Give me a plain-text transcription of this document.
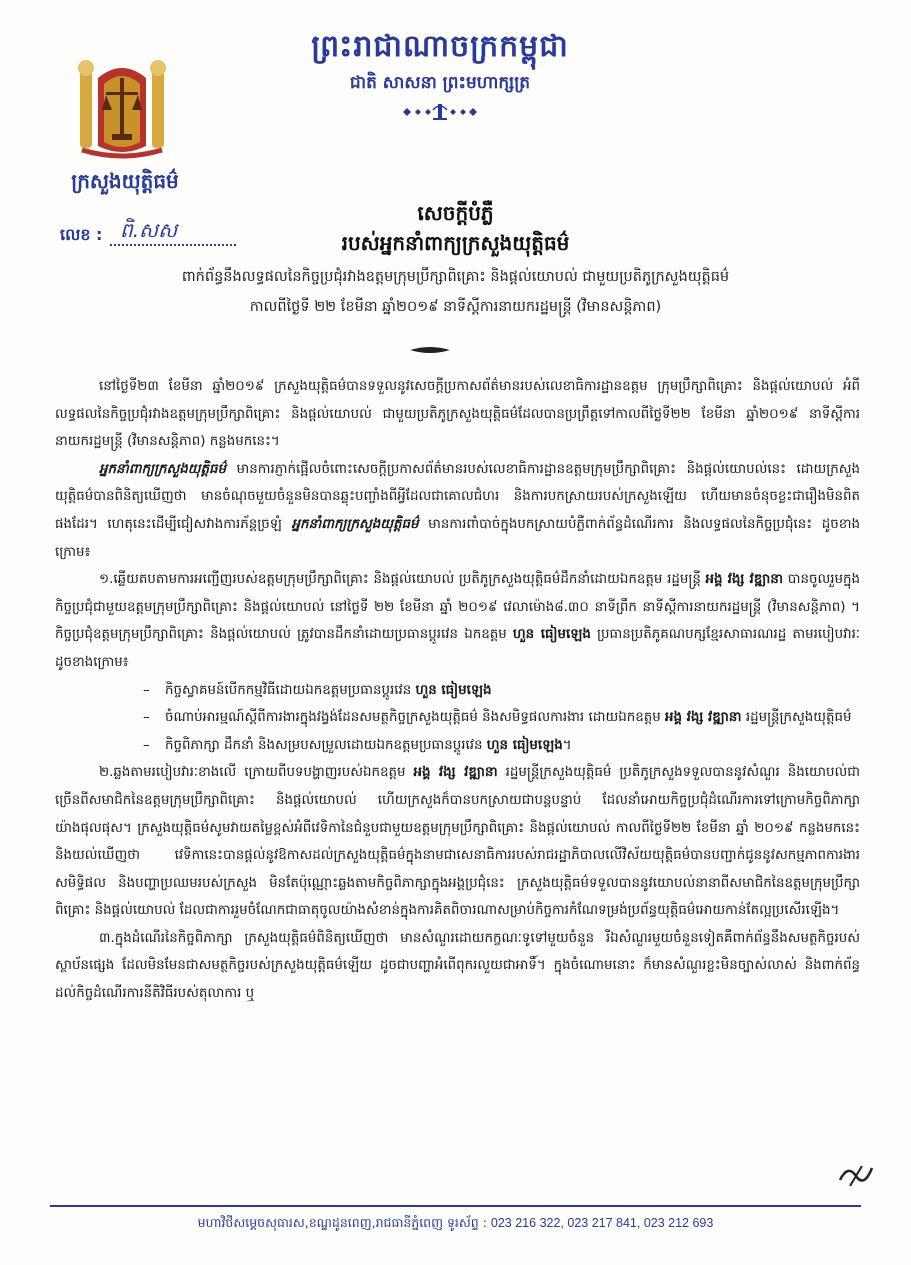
ព្រះរាជាណាចក្រកម្ពុជា
ជាតិ សាសនា ព្រះមហាក្សត្រ
ក្រសួងយុត្តិធម៌
លេខ : ពិ.សស
សេចក្ដីបំភ្លឺ
របស់អ្នកនាំពាក្យក្រសួងយុត្តិធម៌
ពាក់ព័ន្ធនឹងលទ្ធផលនៃកិច្ចប្រជុំរវាងឧត្តមក្រុមប្រឹក្សាពិគ្រោះ និងផ្ដល់យោបល់ ជាមួយប្រតិភូក្រសួងយុត្តិធម៌
កាលពីថ្ងៃទី ២២ ខែមីនា ឆ្នាំ២០១៩ នាទីស្ដីការនាយករដ្ឋមន្ត្រី (វិមានសន្តិភាព)

នៅថ្ងៃទី២៣ ខែមីនា ឆ្នាំ២០១៩ ក្រសួងយុត្តិធម៌បានទទួលនូវសេចក្ដីប្រកាសព័ត៌មានរបស់លេខាធិការដ្ឋានឧត្តម ក្រុមប្រឹក្សាពិគ្រោះ និងផ្ដល់យោបល់ អំពីលទ្ធផលនៃកិច្ចប្រជុំរវាងឧត្តមក្រុមប្រឹក្សាពិគ្រោះ និងផ្ដល់យោបល់ ជាមួយប្រតិភូក្រសួងយុត្តិធម៌ដែលបានប្រព្រឹត្តទៅកាលពីថ្ងៃទី២២ ខែមីនា ឆ្នាំ២០១៩ នាទីស្ដីការនាយករដ្ឋមន្ត្រី (វិមានសន្តិភាព) កន្លងមកនេះ។

អ្នកនាំពាក្យក្រសួងយុត្តិធម៌ មានការភ្ញាក់ផ្អើលចំពោះសេចក្ដីប្រកាសព័ត៌មានរបស់លេខាធិការដ្ឋានឧត្តមក្រុមប្រឹក្សាពិគ្រោះ និងផ្ដល់យោបល់នេះ ដោយក្រសួងយុត្តិធម៌បានពិនិត្យឃើញថា មានចំណុចមួយចំនួនមិនបានឆ្លុះបញ្ចាំងពីអ្វីដែលជាគោលជំហរ និងការបកស្រាយរបស់ក្រសួងឡើយ ហើយមានចំនុចខ្លះជារឿងមិនពិតផងដែរ។ ហេតុនេះដើម្បីជៀសវាងការភ័ន្តច្រឡំ អ្នកនាំពាក្យក្រសួងយុត្តិធម៌ មានការពាំបាច់ក្នុងបកស្រាយបំភ្លឺពាក់ព័ន្ធដំណើរការ និងលទ្ធផលនៃកិច្ចប្រជុំនេះ ដូចខាងក្រោម៖

១.ឆ្លើយតបតាមការអញ្ជើញរបស់ឧត្តមក្រុមប្រឹក្សាពិគ្រោះ និងផ្ដល់យោបល់ ប្រតិភូក្រសួងយុត្តិធម៌ដឹកនាំដោយឯកឧត្តម រដ្ឋមន្ត្រី អង្គ វង្ស វឌ្ឍានា បានចូលរួមក្នុងកិច្ចប្រជុំជាមួយឧត្តមក្រុមប្រឹក្សាពិគ្រោះ និងផ្ដល់យោបល់ នៅថ្ងៃទី ២២ ខែមីនា ឆ្នាំ ២០១៩ វេលាម៉ោង៨.៣០ នាទីព្រឹក នាទីស្ដីការនាយករដ្ឋមន្ត្រី (វិមានសន្តិភាព) ។ កិច្ចប្រជុំឧត្តមក្រុមប្រឹក្សាពិគ្រោះ និងផ្ដល់យោបល់ ត្រូវបានដឹកនាំដោយប្រធានប្ដូរវេន ឯកឧត្តម ហួន ធៀមឡេង ប្រធានប្រតិភូគណបក្សខ្មែរសាធារណរដ្ឋ តាមរបៀបវារៈដូចខាងក្រោម៖

– កិច្ចស្វាគមន៍បើកកម្មវិធីដោយឯកឧត្តមប្រធានប្ដូរវេន ហួន ធៀមឡេង
– ចំណាប់អារម្មណ៍ស្ដីពីការងារក្នុងវង្វង់ដែនសមត្ថកិច្ចក្រសួងយុត្តិធម៌ និងសមិទ្ធផលការងារ ដោយឯកឧត្តម អង្គ វង្ស វឌ្ឍានា រដ្ឋមន្ត្រីក្រសួងយុត្តិធម៌
– កិច្ចពិភាក្សា ដឹកនាំ និងសម្របសម្រួលដោយឯកឧត្តមប្រធានប្ដូរវេន ហួន ធៀមឡេង។

២.ឆ្លងតាមរបៀបវារៈខាងលើ ក្រោយពីបទបង្ហាញរបស់ឯកឧត្តម អង្គ វង្ស វឌ្ឍានា រដ្ឋមន្ត្រីក្រសួងយុត្តិធម៌ ប្រតិភូក្រសួងទទួលបាននូវសំណួរ និងយោបល់ជាច្រើនពីសមាជិកនៃឧត្តមក្រុមប្រឹក្សាពិគ្រោះ និងផ្ដល់យោបល់ ហើយក្រសួងក៏បានបកស្រាយជាបន្តបន្ទាប់ ដែលនាំអោយកិច្ចប្រជុំដំណើរការទៅក្រោមកិច្ចពិភាក្សាយ៉ាងផុលផុស។ ក្រសួងយុត្តិធម៌សូមវាយតម្លៃខ្ពស់អំពីវេទិកានៃជំនួបជាមួយឧត្តមក្រុមប្រឹក្សាពិគ្រោះ និងផ្ដល់យោបល់ កាលពីថ្ងៃទី២២ ខែមីនា ឆ្នាំ ២០១៩ កន្លងមកនេះ និងយល់ឃើញថា វេទិកានេះបានផ្ដល់នូវឱកាសដល់ក្រសួងយុត្តិធម៌ក្នុងនាមជាសេនាធិការរបស់រាជរដ្ឋាភិបាលលើវិស័យយុត្តិធម៌បានបញ្ជាក់ជូននូវសកម្មភាពការងារ សមិទ្ធិផល និងបញ្ហាប្រឈមរបស់ក្រសួង មិនតែប៉ុណ្ណោះឆ្លងតាមកិច្ចពិភាក្សាក្នុងអង្គប្រជុំនេះ ក្រសួងយុត្តិធម៌ទទួលបាននូវយោបល់នានាពីសមាជិកនៃឧត្តមក្រុមប្រឹក្សាពិគ្រោះ និងផ្ដល់យោបល់ ដែលជាការរួមចំណែកជាធាតុចូលយ៉ាងសំខាន់ក្នុងការគិតពិចារណាសម្រាប់កិច្ចការកំណែទម្រង់ប្រព័ន្ធយុត្តិធម៌អោយកាន់តែល្អប្រសើរឡើង។

៣.ក្នុងដំណើរនៃកិច្ចពិភាក្សា ក្រសួងយុត្តិធម៌ពិនិត្យឃើញថា មានសំណួរដោយកក្ខណៈទូទៅមួយចំនួន រីឯសំណួរមួយចំនួនទៀតគឺពាក់ព័ន្ធនឹងសមត្ថកិច្ចរបស់ស្ថាប័នផ្សេង ដែលមិនមែនជាសមត្ថកិច្ចរបស់ក្រសួងយុត្តិធម៌ឡើយ ដូចជាបញ្ហាអំពើពុករលួយជាអាទិ៍។ ក្នុងចំណោមនោះ ក៏មានសំណួរខ្លះមិនច្បាស់លាស់ និងពាក់ព័ន្ធដល់កិច្ចដំណើរការនីតិវិធីរបស់តុលាការ ឬ

មហាវិថីសម្ដេចសុធារស,ខណ្ឌដូនពេញ,រាជធានីភ្នំពេញ ទូរស័ព្ទ : 023 216 322, 023 217 841, 023 212 693
